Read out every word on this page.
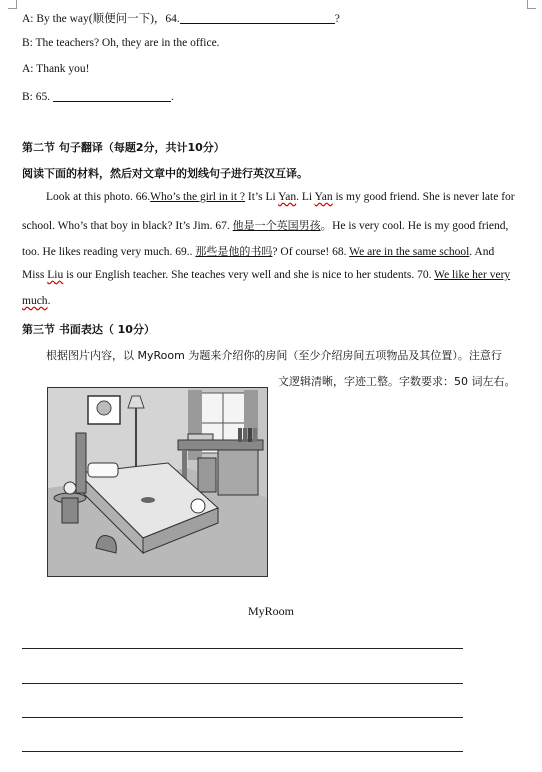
A: By the way(顺便问一下)，64.	?
B: The teachers? Oh, they are in the office.
A: Thank you!
B: 65.	.
第二节 句子翻译（每题2分，共计10分）
阅读下面的材料，然后对文章中的划线句子进行英汉互译。
Look at this photo. 66.Who’s the girl in it ? It’s Li Yan. Li Yan is my good friend. She is never late for
school. Who’s that boy in black? It’s Jim. 67. 他是一个英国男孩。He is very cool. He is my good friend,
too. He likes reading very much. 69.. 那些是他的书吗? Of course! 68. We are in the same school. And
Miss Liu is our English teacher. She teaches very well and she is nice to her students. 70. We like her very
much.
第三节 书面表达（ 10分）
根据图片内容，以 MyRoom 为题来介绍你的房间（至少介绍房间五项物品及其位置）。注意行
文逻辑清晰，字迹工整。字数要求：50 词左右。
MyRoom
